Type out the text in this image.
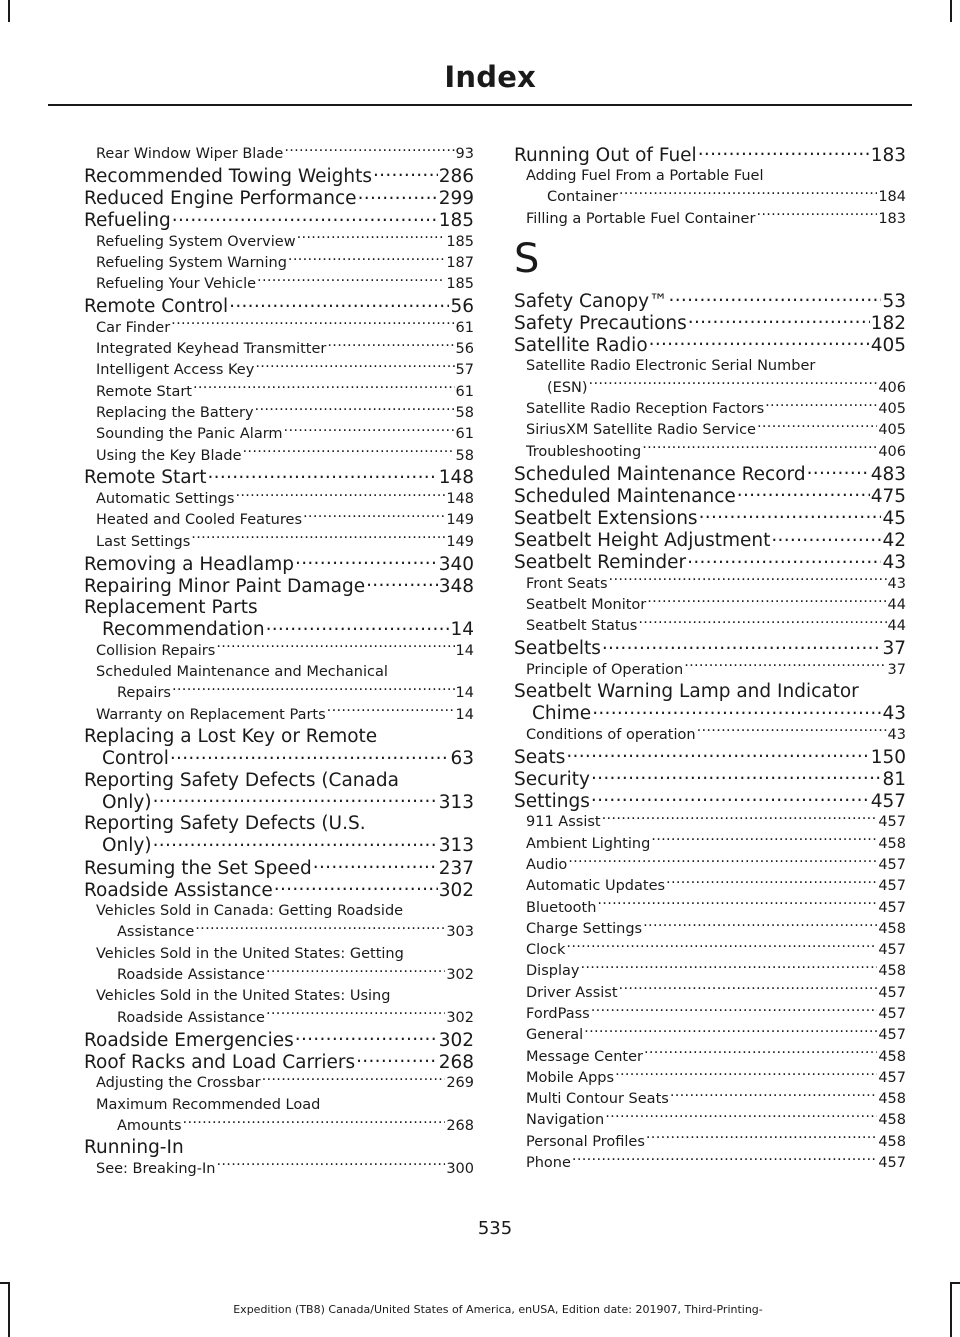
Index
Rear Window Wiper Blade .....	93
Recommended Towing Weights .....	286
Reduced Engine Performance .....	299
Refueling .....	185
Refueling System Overview .....	185
Refueling System Warning .....	187
Refueling Your Vehicle .....	185
Remote Control .....	56
Car Finder .....	61
Integrated Keyhead Transmitter .....	56
Intelligent Access Key .....	57
Remote Start .....	61
Replacing the Battery .....	58
Sounding the Panic Alarm .....	61
Using the Key Blade .....	58
Remote Start .....	148
Automatic Settings .....	148
Heated and Cooled Features .....	149
Last Settings .....	149
Removing a Headlamp .....	340
Repairing Minor Paint Damage .....	348
Replacement Parts
Recommendation .....	14
Collision Repairs .....	14
Scheduled Maintenance and Mechanical
Repairs .....	14
Warranty on Replacement Parts .....	14
Replacing a Lost Key or Remote
Control .....	63
Reporting Safety Defects (Canada
Only) .....	313
Reporting Safety Defects (U.S.
Only) .....	313
Resuming the Set Speed .....	237
Roadside Assistance .....	302
Vehicles Sold in Canada: Getting Roadside
Assistance .....	303
Vehicles Sold in the United States: Getting
Roadside Assistance .....	302
Vehicles Sold in the United States: Using
Roadside Assistance .....	302
Roadside Emergencies .....	302
Roof Racks and Load Carriers .....	268
Adjusting the Crossbar .....	269
Maximum Recommended Load
Amounts .....	268
Running-In
See: Breaking-In .....	300
Running Out of Fuel .....	183
Adding Fuel From a Portable Fuel
Container .....	184
Filling a Portable Fuel Container .....	183
S
Safety Canopy™ .....	53
Safety Precautions .....	182
Satellite Radio .....	405
Satellite Radio Electronic Serial Number
(ESN) .....	406
Satellite Radio Reception Factors .....	405
SiriusXM Satellite Radio Service .....	405
Troubleshooting .....	406
Scheduled Maintenance Record .....	483
Scheduled Maintenance .....	475
Seatbelt Extensions .....	45
Seatbelt Height Adjustment .....	42
Seatbelt Reminder .....	43
Front Seats .....	43
Seatbelt Monitor .....	44
Seatbelt Status .....	44
Seatbelts .....	37
Principle of Operation .....	37
Seatbelt Warning Lamp and Indicator
Chime .....	43
Conditions of operation .....	43
Seats .....	150
Security .....	81
Settings .....	457
911 Assist .....	457
Ambient Lighting .....	458
Audio .....	457
Automatic Updates .....	457
Bluetooth .....	457
Charge Settings .....	458
Clock .....	457
Display .....	458
Driver Assist .....	457
FordPass .....	457
General .....	457
Message Center .....	458
Mobile Apps .....	457
Multi Contour Seats .....	458
Navigation .....	458
Personal Profiles .....	458
Phone .....	457
535
Expedition (TB8) Canada/United States of America, enUSA, Edition date: 201907, Third-Printing-
